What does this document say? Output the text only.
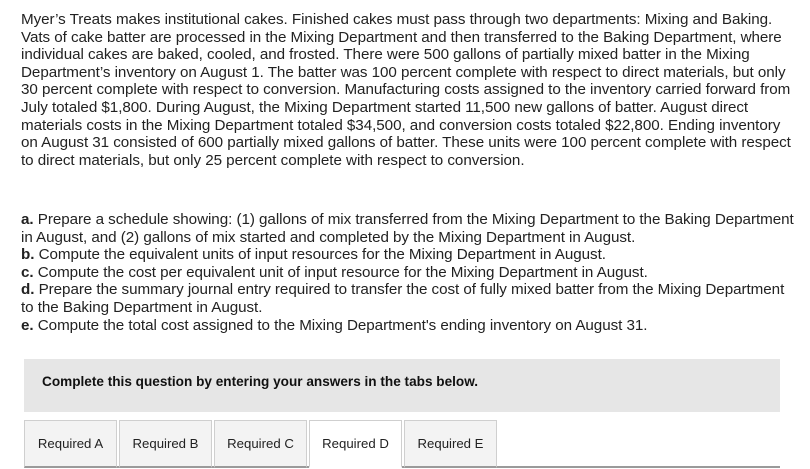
Myer’s Treats makes institutional cakes. Finished cakes must pass through two departments: Mixing and Baking. Vats of cake batter are processed in the Mixing Department and then transferred to the Baking Department, where individual cakes are baked, cooled, and frosted. There were 500 gallons of partially mixed batter in the Mixing Department’s inventory on August 1. The batter was 100 percent complete with respect to direct materials, but only 30 percent complete with respect to conversion. Manufacturing costs assigned to the inventory carried forward from July totaled $1,800. During August, the Mixing Department started 11,500 new gallons of batter. August direct materials costs in the Mixing Department totaled $34,500, and conversion costs totaled $22,800. Ending inventory on August 31 consisted of 600 partially mixed gallons of batter. These units were 100 percent complete with respect to direct materials, but only 25 percent complete with respect to conversion.

a. Prepare a schedule showing: (1) gallons of mix transferred from the Mixing Department to the Baking Department in August, and (2) gallons of mix started and completed by the Mixing Department in August.

b. Compute the equivalent units of input resources for the Mixing Department in August.

c. Compute the cost per equivalent unit of input resource for the Mixing Department in August.

d. Prepare the summary journal entry required to transfer the cost of fully mixed batter from the Mixing Department to the Baking Department in August.

e. Compute the total cost assigned to the Mixing Department's ending inventory on August 31.

Complete this question by entering your answers in the tabs below.
Required A Required B Required C Required D Required E
